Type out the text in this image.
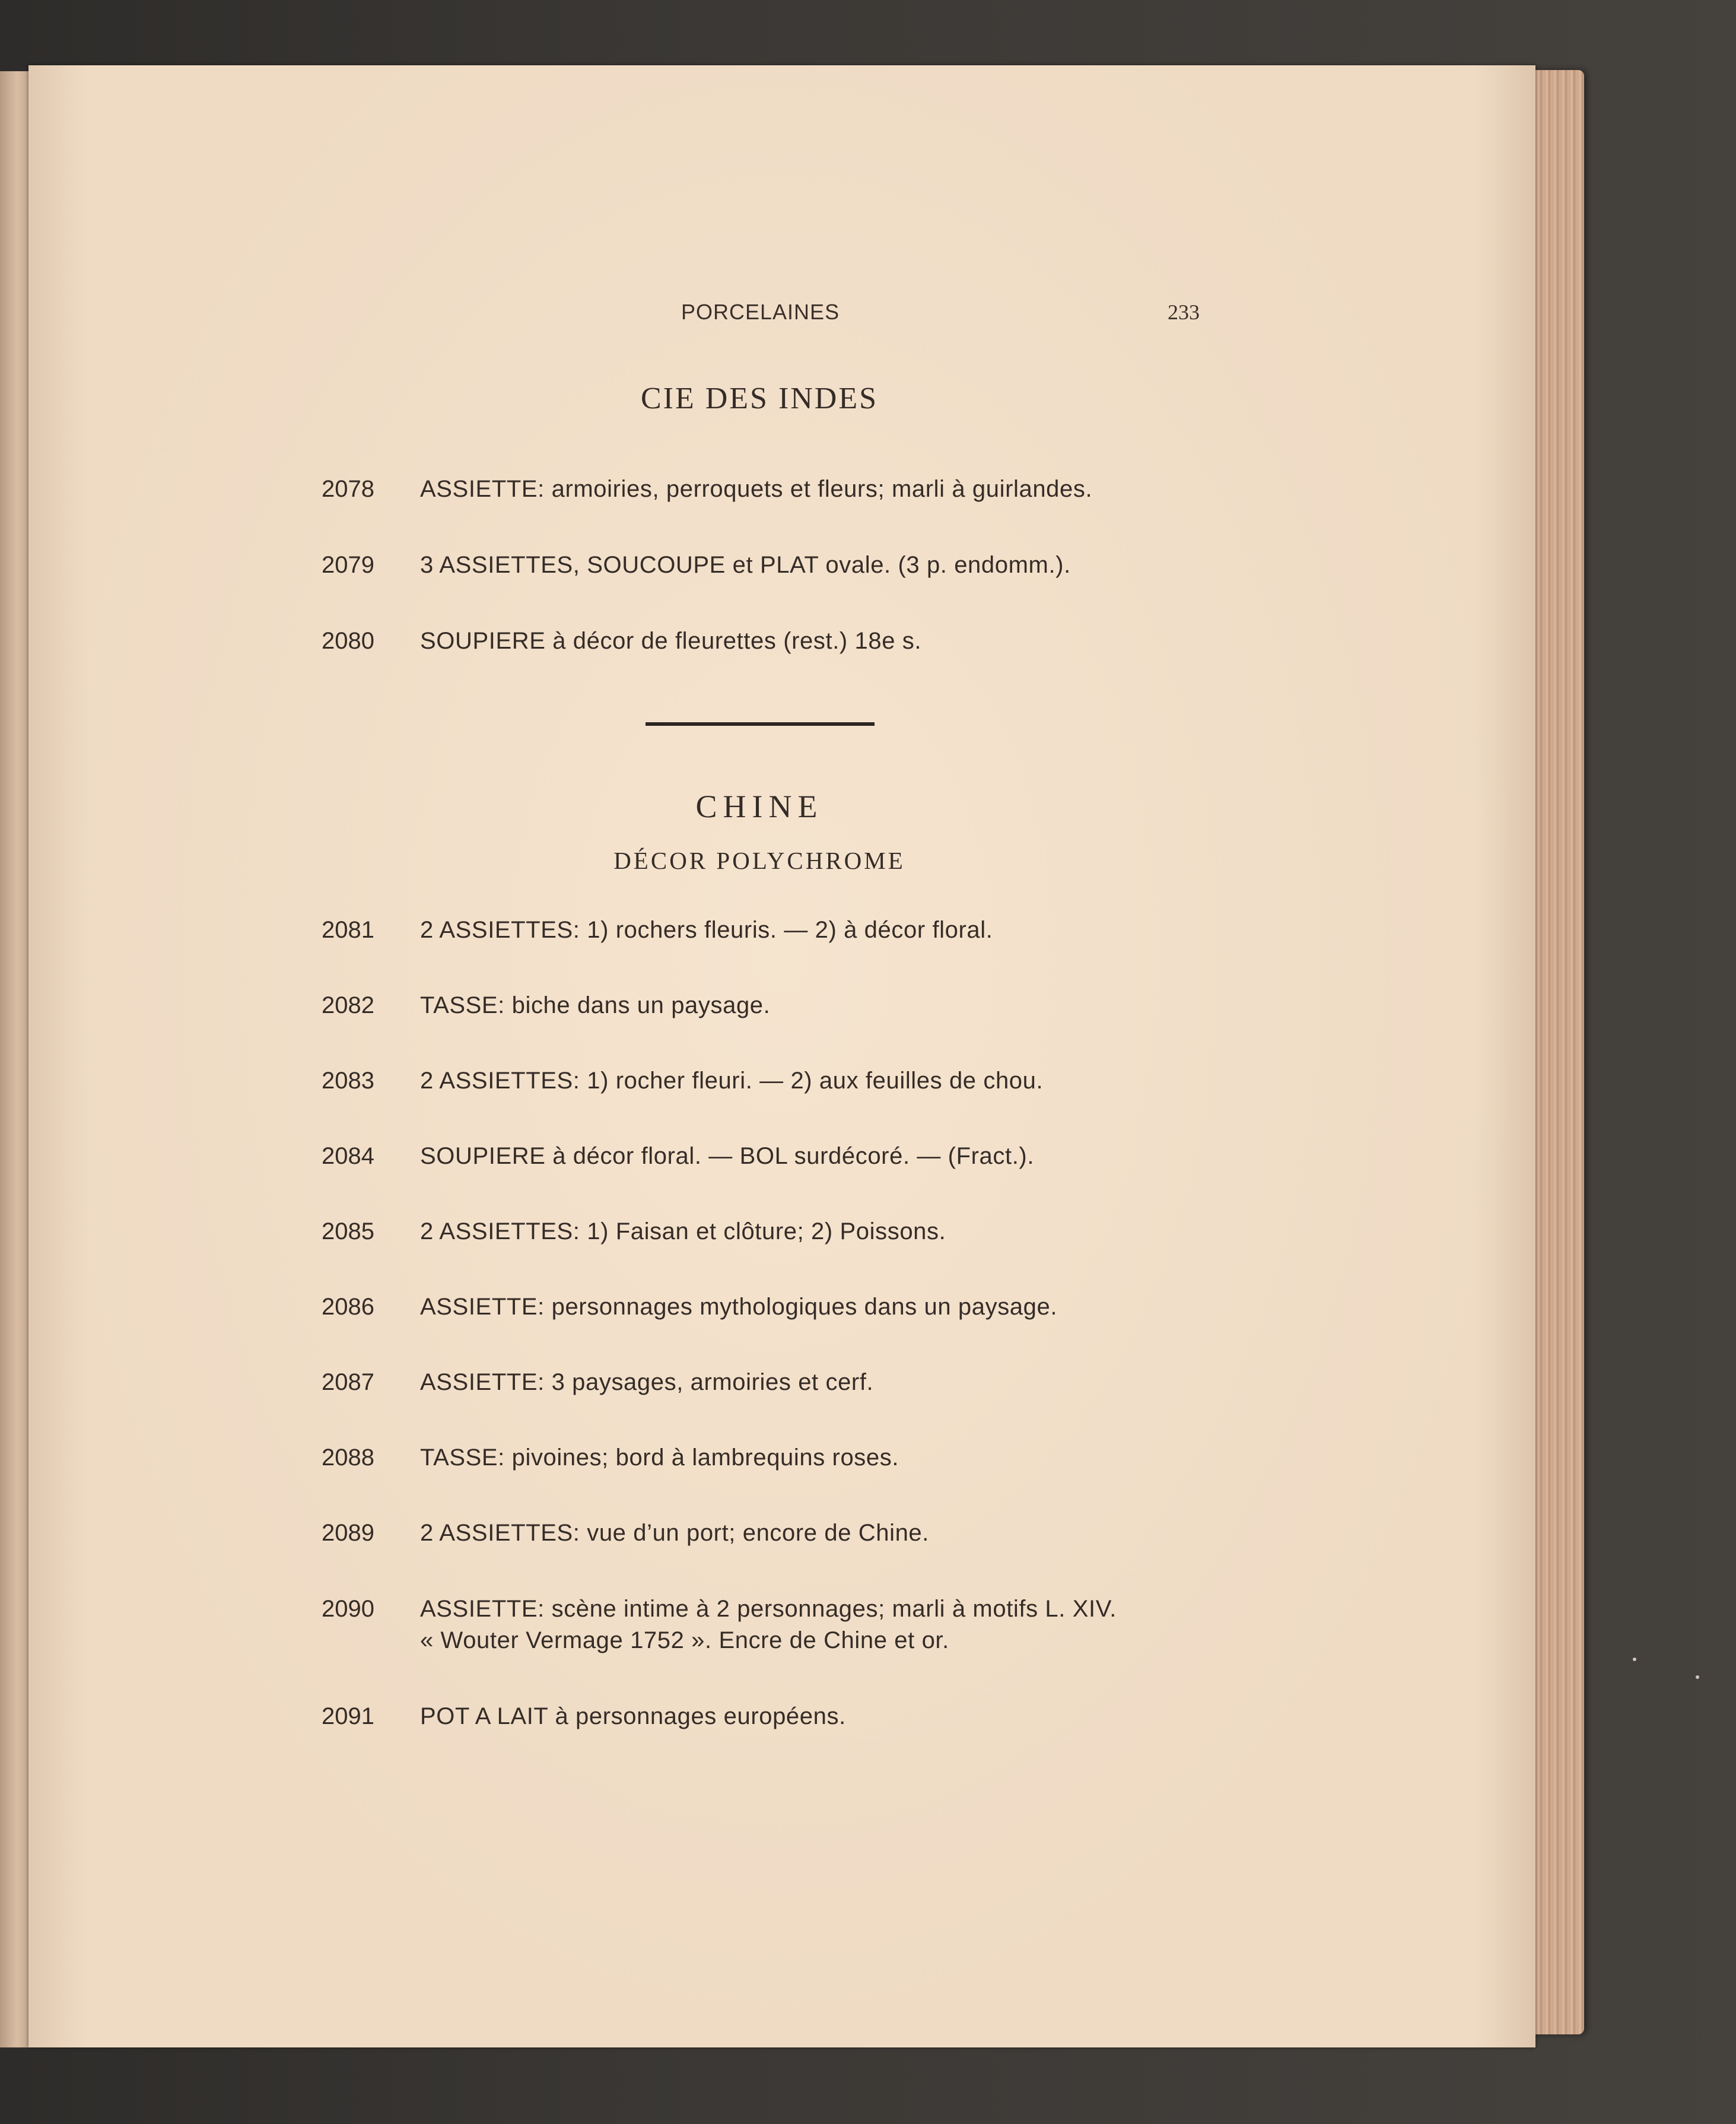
PORCELAINES	233
CIE DES INDES
2078 ASSIETTE: armoiries, perroquets et fleurs; marli à guirlandes.
2079 3 ASSIETTES, SOUCOUPE et PLAT ovale. (3 p. endomm.).
2080 SOUPIERE à décor de fleurettes (rest.) 18e s.
CHINE
DÉCOR POLYCHROME
2081 2 ASSIETTES: 1) rochers fleuris. — 2) à décor floral.
2082 TASSE: biche dans un paysage.
2083 2 ASSIETTES: 1) rocher fleuri. — 2) aux feuilles de chou.
2084 SOUPIERE à décor floral. — BOL surdécoré. — (Fract.).
2085 2 ASSIETTES: 1) Faisan et clôture; 2) Poissons.
2086 ASSIETTE: personnages mythologiques dans un paysage.
2087 ASSIETTE: 3 paysages, armoiries et cerf.
2088 TASSE: pivoines; bord à lambrequins roses.
2089 2 ASSIETTES: vue d’un port; encore de Chine.
2090 ASSIETTE: scène intime à 2 personnages; marli à motifs L. XIV.
« Wouter Vermage 1752 ». Encre de Chine et or.
2091 POT A LAIT à personnages européens.
